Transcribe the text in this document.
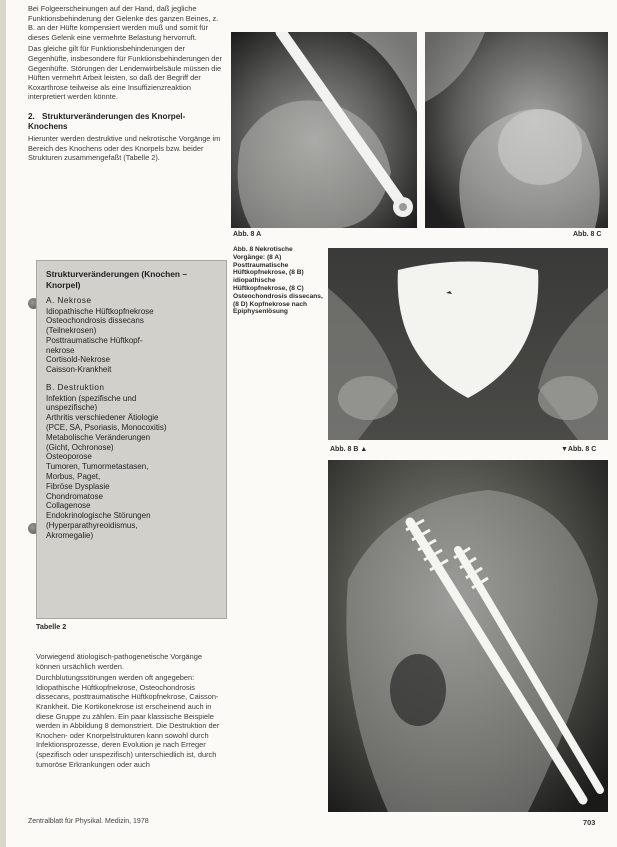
Bei Folgeerscheinungen auf der Hand, daß jegliche Funktionsbehinderung der Gelenke des ganzen Beines, z. B. an der Hüfte kompensiert werden muß und somit für dieses Gelenk eine vermehrte Belastung hervorruft.

Das gleiche gilt für Funktionsbehinderungen der Gegenhüfte, insbesondere für Funktionsbehinderungen der Gegenhüfte. Störungen der Lendenwirbelsäule müssen die Hüften vermehrt Arbeit leisten, so daß der Begriff der Koxarthrose teilweise als eine Insuffizienzreaktion interpretiert werden könnte.

2. Strukturveränderungen des Knorpel-Knochens

Hierunter werden destruktive und nekrotische Vorgänge im Bereich des Knochens oder des Knorpels bzw. beider Strukturen zusammengefaßt (Tabelle 2).

Strukturveränderungen (Knochen – Knorpel)

A. Nekrose

Idiopathische Hüftkopfnekrose

Osteochondrosis dissecans

(Teilnekrosen)

Posttraumatische Hüftkopf-

nekrose

Cortisold-Nekrose

Caisson-Krankheit

B. Destruktion

Infektion (spezifische und

unspezifische)

Arthritis verschiedener Ätiologie

(PCE, SA, Psoriasis, Monocoxitis)

Metabolische Veränderungen

(Gicht, Ochronose)

Osteoporose

Tumoren, Tumormetastasen,

Morbus, Paget,

Fibröse Dysplasie

Chondromatose

Collagenose

Endokrinologische Störungen

(Hyperparathyreoidismus,

Akromegalie)

Tabelle 2

Vorwiegend ätiologisch-pathogenetische Vorgänge können ursächlich werden.

Durchblutungsstörungen werden oft angegeben: Idiopathische Hüftkopfnekrose, Osteochondrosis dissecans, posttraumatische Hüftkopfnekrose, Caisson-Krankheit. Die Kortikonekrose ist erscheinend auch in diese Gruppe zu zählen. Ein paar klassische Beispiele werden in Abbildung 8 demonstriert. Die Destruktion der Knochen- oder Knorpelstrukturen kann sowohl durch Infektionsprozesse, deren Evolution je nach Erreger (spezifisch oder unspezifisch) unterschiedlich ist, durch tumoröse Erkrankungen oder auch

Abb. 8 A	Abb. 8 C
Abb. 8 Nekrotische Vorgänge: (8 A) Posttraumatische Hüftkopfnekrose, (8 B) idiopathische Hüftkopfnekrose, (8 C) Osteochondrosis dissecans, (8 D) Kopfnekrose nach Epiphysenlösung
Abb. 8 B ▲	▼Abb. 8 C
Zentralblatt für Physikal. Medizin, 1978	703
